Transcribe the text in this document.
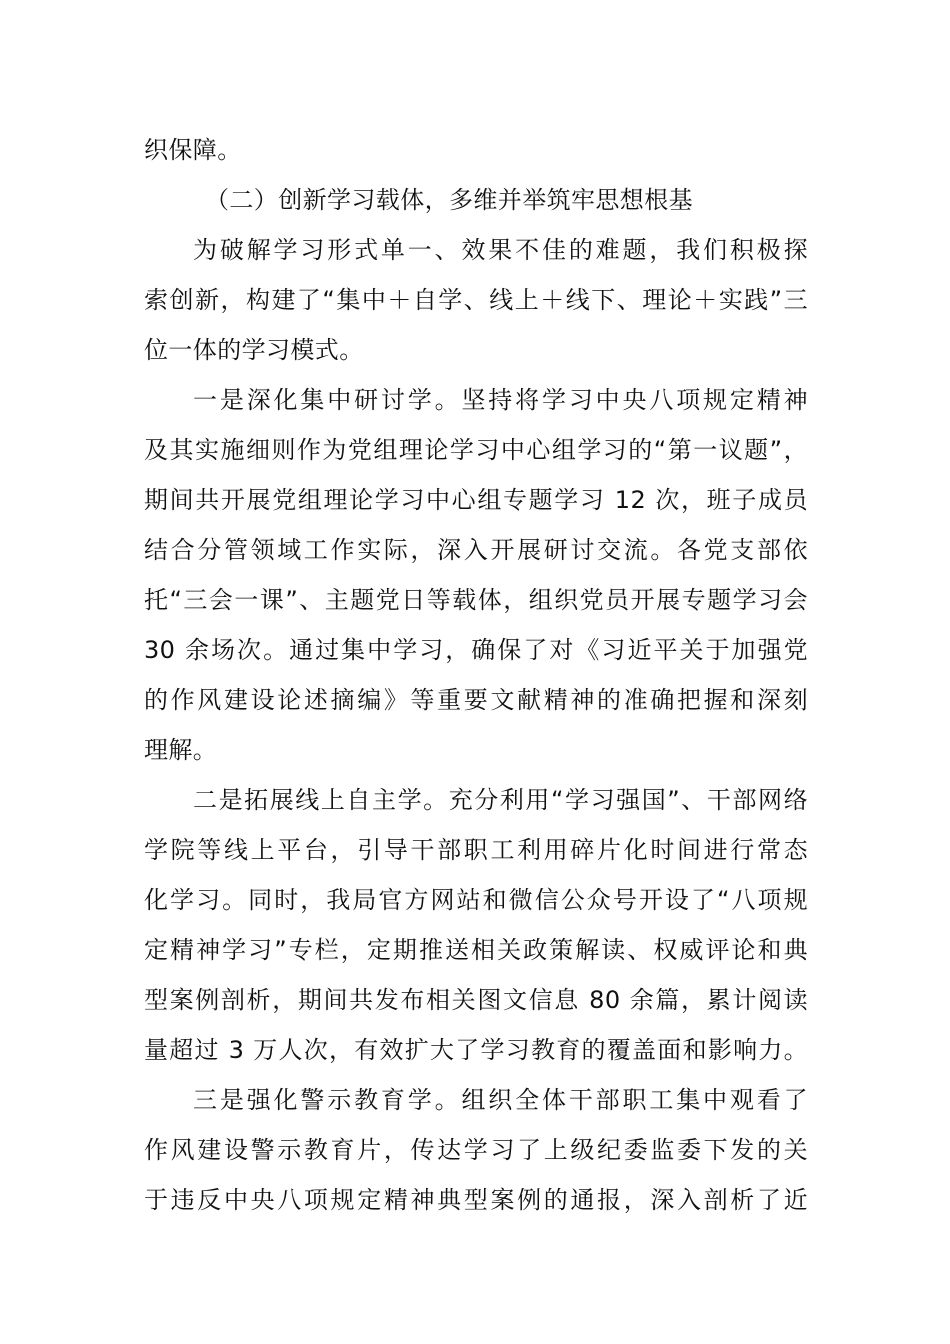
织保障。
（二）创新学习载体，多维并举筑牢思想根基
为破解学习形式单一、效果不佳的难题，我们积极探
索创新，构建了“集中＋自学、线上＋线下、理论＋实践”三
位一体的学习模式。
一是深化集中研讨学。坚持将学习中央八项规定精神
及其实施细则作为党组理论学习中心组学习的“第一议题”，
期间共开展党组理论学习中心组专题学习 12 次，班子成员
结合分管领域工作实际，深入开展研讨交流。各党支部依
托“三会一课”、主题党日等载体，组织党员开展专题学习会
30 余场次。通过集中学习，确保了对《习近平关于加强党
的作风建设论述摘编》等重要文献精神的准确把握和深刻
理解。
二是拓展线上自主学。充分利用“学习强国”、干部网络
学院等线上平台，引导干部职工利用碎片化时间进行常态
化学习。同时，我局官方网站和微信公众号开设了“八项规
定精神学习”专栏，定期推送相关政策解读、权威评论和典
型案例剖析，期间共发布相关图文信息 80 余篇，累计阅读
量超过 3 万人次，有效扩大了学习教育的覆盖面和影响力。
三是强化警示教育学。组织全体干部职工集中观看了
作风建设警示教育片，传达学习了上级纪委监委下发的关
于违反中央八项规定精神典型案例的通报，深入剖析了近
